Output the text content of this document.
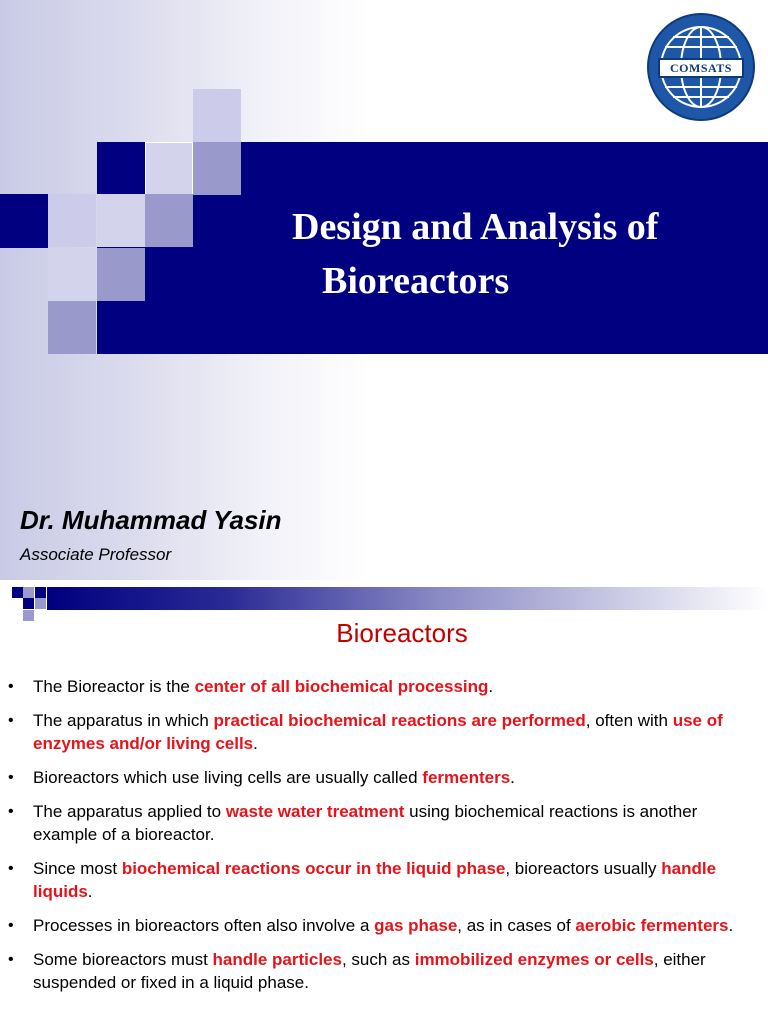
Design and Analysis of
Bioreactors
COMSATS

Dr. Muhammad Yasin

Associate Professor

Bioreactors
• The Bioreactor is the center of all biochemical processing.
• The apparatus in which practical biochemical reactions are performed, often with use of enzymes and/or living cells.
• Bioreactors which use living cells are usually called fermenters.
• The apparatus applied to waste water treatment using biochemical reactions is another example of a bioreactor.
• Since most biochemical reactions occur in the liquid phase, bioreactors usually handle liquids.
• Processes in bioreactors often also involve a gas phase, as in cases of aerobic fermenters.
• Some bioreactors must handle particles, such as immobilized enzymes or cells, either suspended or fixed in a liquid phase.
